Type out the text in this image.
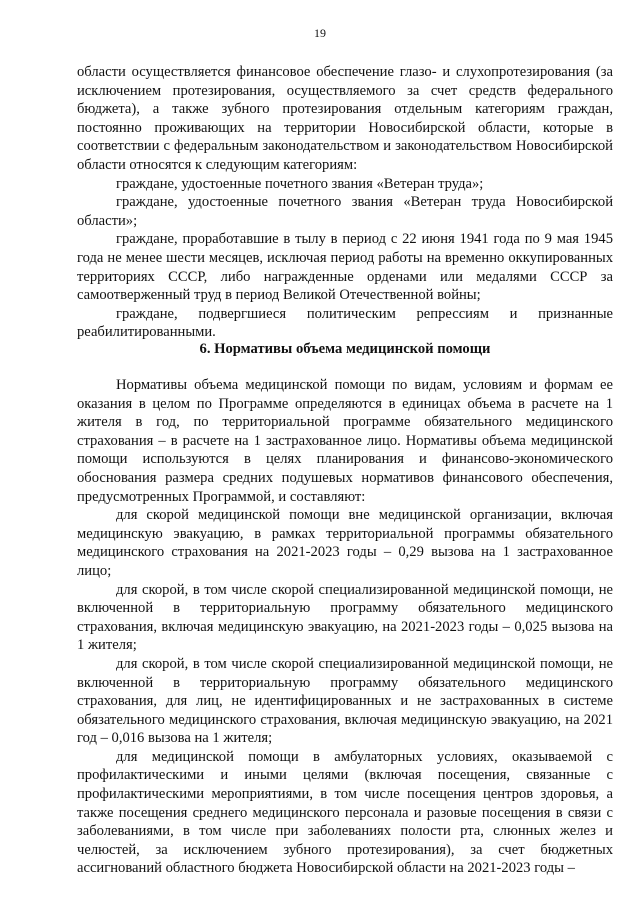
19

области осуществляется финансовое обеспечение глазо- и слухопротезирования (за исключением протезирования, осуществляемого за счет средств федерального бюджета), а также зубного протезирования отдельным категориям граждан, постоянно проживающих на территории Новосибирской области, которые в соответствии с федеральным законодательством и законодательством Новосибирской области относятся к следующим категориям:

граждане, удостоенные почетного звания «Ветеран труда»;

граждане, удостоенные почетного звания «Ветеран труда Новосибирской области»;

граждане, проработавшие в тылу в период с 22 июня 1941 года по 9 мая 1945 года не менее шести месяцев, исключая период работы на временно оккупированных территориях СССР, либо награжденные орденами или медалями СССР за самоотверженный труд в период Великой Отечественной войны;

граждане, подвергшиеся политическим репрессиям и признанные реабилитированными.

6. Нормативы объема медицинской помощи

Нормативы объема медицинской помощи по видам, условиям и формам ее оказания в целом по Программе определяются в единицах объема в расчете на 1 жителя в год, по территориальной программе обязательного медицинского страхования – в расчете на 1 застрахованное лицо. Нормативы объема медицинской помощи используются в целях планирования и финансово-экономического обоснования размера средних подушевых нормативов финансового обеспечения, предусмотренных Программой, и составляют:

для скорой медицинской помощи вне медицинской организации, включая медицинскую эвакуацию, в рамках территориальной программы обязательного медицинского страхования на 2021-2023 годы – 0,29 вызова на 1 застрахованное лицо;

для скорой, в том числе скорой специализированной медицинской помощи, не включенной в территориальную программу обязательного медицинского страхования, включая медицинскую эвакуацию, на 2021-2023 годы – 0,025 вызова на 1 жителя;

для скорой, в том числе скорой специализированной медицинской помощи, не включенной в территориальную программу обязательного медицинского страхования, для лиц, не идентифицированных и не застрахованных в системе обязательного медицинского страхования, включая медицинскую эвакуацию, на 2021 год – 0,016 вызова на 1 жителя;

для медицинской помощи в амбулаторных условиях, оказываемой с профилактическими и иными целями (включая посещения, связанные с профилактическими мероприятиями, в том числе посещения центров здоровья, а также посещения среднего медицинского персонала и разовые посещения в связи с заболеваниями, в том числе при заболеваниях полости рта, слюнных желез и челюстей, за исключением зубного протезирования), за счет бюджетных ассигнований областного бюджета Новосибирской области на 2021-2023 годы –
